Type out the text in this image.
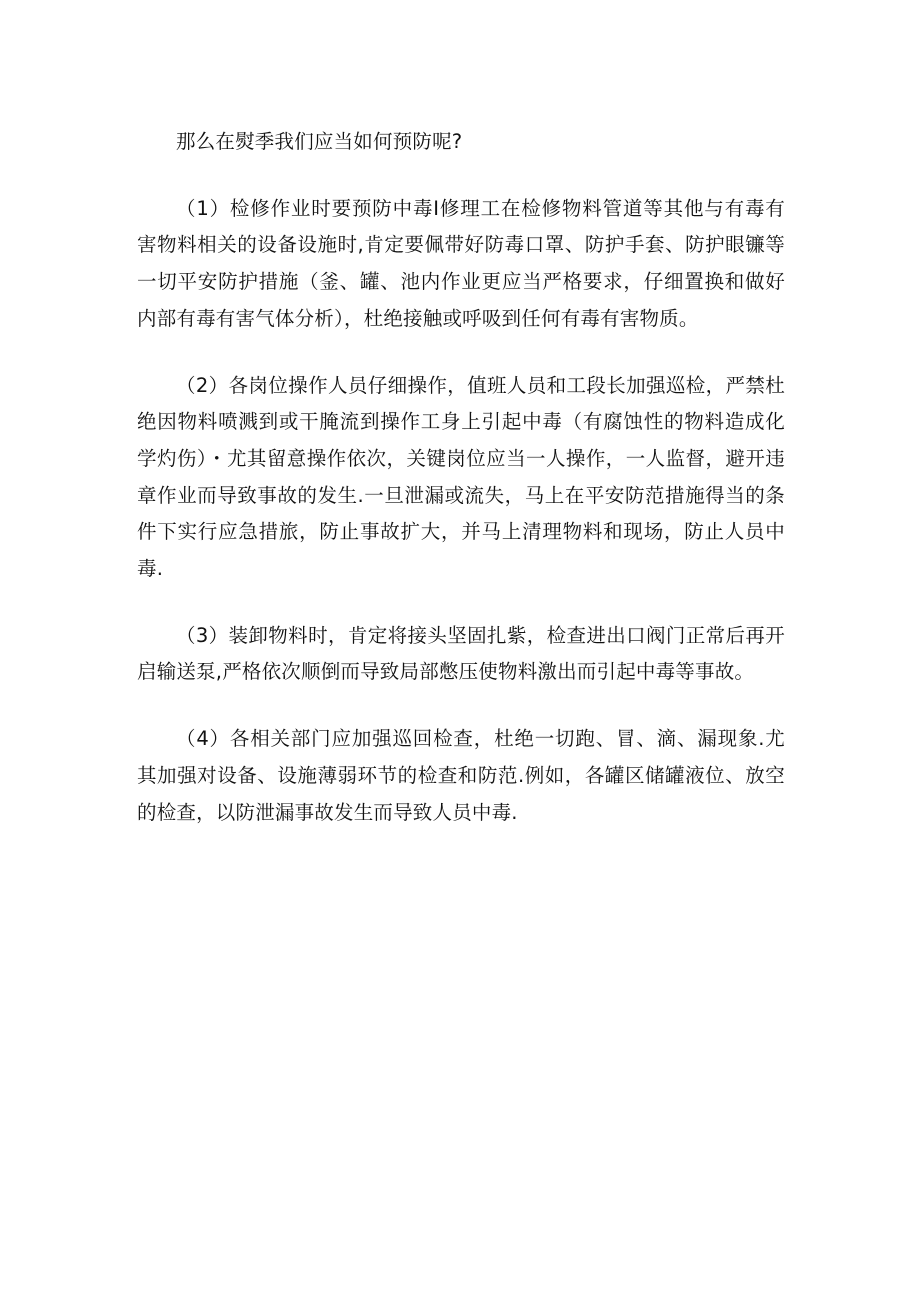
那么在熨季我们应当如何预防呢?

（1）检修作业时要预防中毒I修理工在检修物料管道等其他与有毒有害物料相关的设备设施时,肯定要佩带好防毒口罩、防护手套、防护眼镰等一切平安防护措施（釜、罐、池内作业更应当严格要求，仔细置换和做好内部有毒有害气体分析），杜绝接触或呼吸到任何有毒有害物质。

（2）各岗位操作人员仔细操作，值班人员和工段长加强巡检，严禁杜绝因物料喷溅到或干腌流到操作工身上引起中毒（有腐蚀性的物料造成化学灼伤）・尤其留意操作依次，关键岗位应当一人操作，一人监督，避开违章作业而导致事故的发生.一旦泄漏或流失，马上在平安防范措施得当的条件下实行应急措旅，防止事故扩大，并马上清理物料和现场，防止人员中毒.

（3）装卸物料时，肯定将接头坚固扎紫，检查进出口阀门正常后再开启输送泵,严格依次顺倒而导致局部憋压使物料激出而引起中毒等事故。

（4）各相关部门应加强巡回检查，杜绝一切跑、冒、滴、漏现象.尤其加强对设备、设施薄弱环节的检查和防范.例如，各罐区储罐液位、放空的检查，以防泄漏事故发生而导致人员中毒.
